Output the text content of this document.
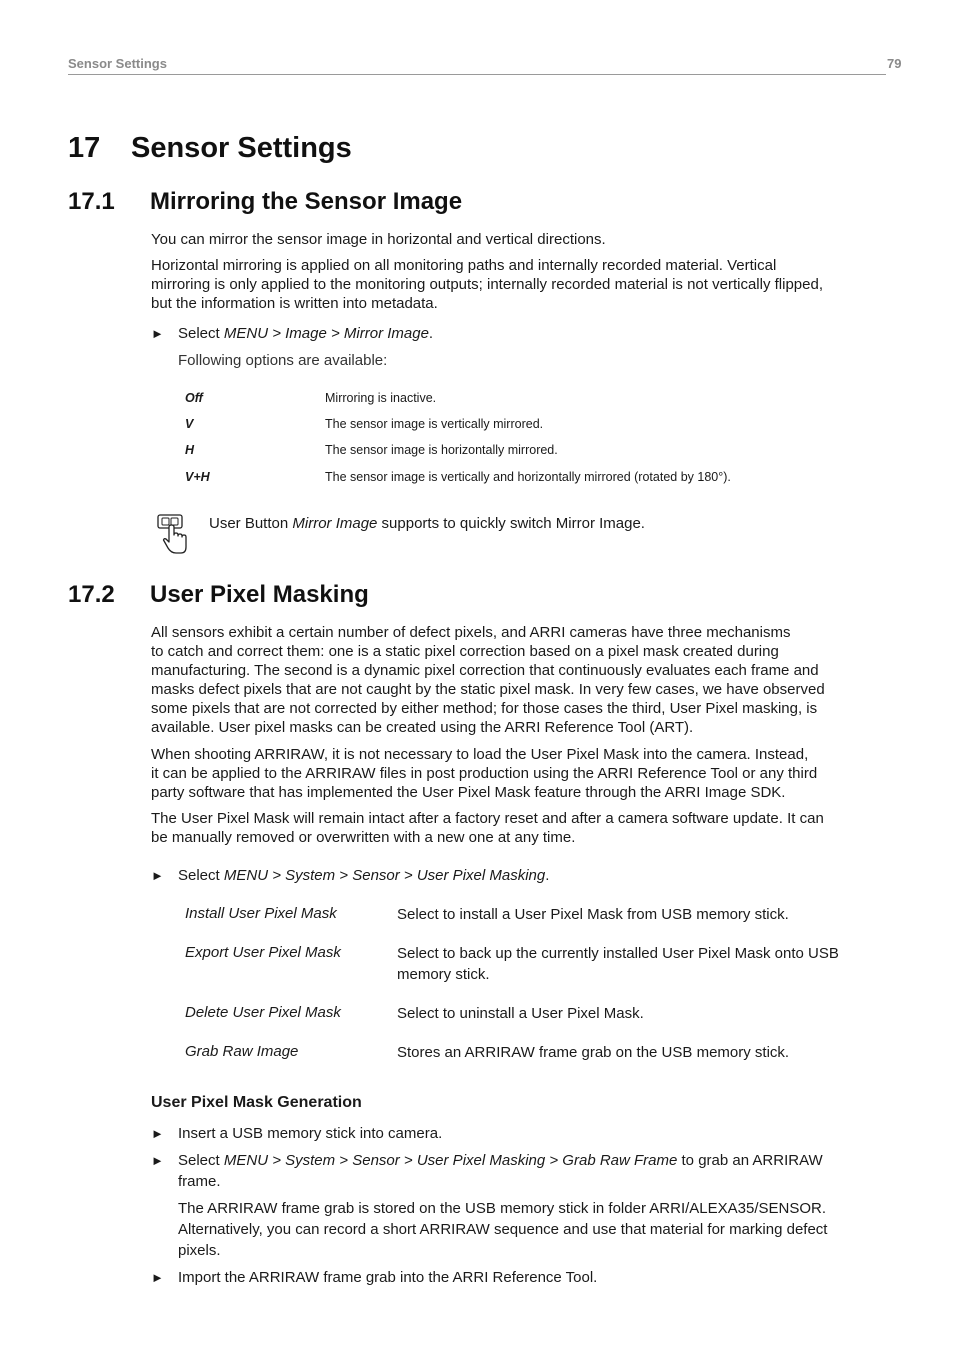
Sensor Settings	79
17 Sensor Settings
17.1 Mirroring the Sensor Image
You can mirror the sensor image in horizontal and vertical directions.
Horizontal mirroring is applied on all monitoring paths and internally recorded material. Vertical
mirroring is only applied to the monitoring outputs; internally recorded material is not vertically flipped,
but the information is written into metadata.
► Select MENU > Image > Mirror Image.
Following options are available:
Off	Mirroring is inactive.
V	The sensor image is vertically mirrored.
H	The sensor image is horizontally mirrored.
V+H	The sensor image is vertically and horizontally mirrored (rotated by 180°).
User Button Mirror Image supports to quickly switch Mirror Image.
17.2 User Pixel Masking
All sensors exhibit a certain number of defect pixels, and ARRI cameras have three mechanisms
to catch and correct them: one is a static pixel correction based on a pixel mask created during
manufacturing. The second is a dynamic pixel correction that continuously evaluates each frame and
masks defect pixels that are not caught by the static pixel mask. In very few cases, we have observed
some pixels that are not corrected by either method; for those cases the third, User Pixel masking, is
available. User pixel masks can be created using the ARRI Reference Tool (ART).
When shooting ARRIRAW, it is not necessary to load the User Pixel Mask into the camera. Instead,
it can be applied to the ARRIRAW files in post production using the ARRI Reference Tool or any third
party software that has implemented the User Pixel Mask feature through the ARRI Image SDK.
The User Pixel Mask will remain intact after a factory reset and after a camera software update. It can
be manually removed or overwritten with a new one at any time.
► Select MENU > System > Sensor > User Pixel Masking.
Install User Pixel Mask	Select to install a User Pixel Mask from USB memory stick.
Export User Pixel Mask	Select to back up the currently installed User Pixel Mask onto USB memory stick.
Delete User Pixel Mask	Select to uninstall a User Pixel Mask.
Grab Raw Image	Stores an ARRIRAW frame grab on the USB memory stick.
User Pixel Mask Generation
► Insert a USB memory stick into camera.
► Select MENU > System > Sensor > User Pixel Masking > Grab Raw Frame to grab an ARRIRAW
frame.
The ARRIRAW frame grab is stored on the USB memory stick in folder ARRI/ALEXA35/SENSOR.
Alternatively, you can record a short ARRIRAW sequence and use that material for marking defect
pixels.
► Import the ARRIRAW frame grab into the ARRI Reference Tool.
